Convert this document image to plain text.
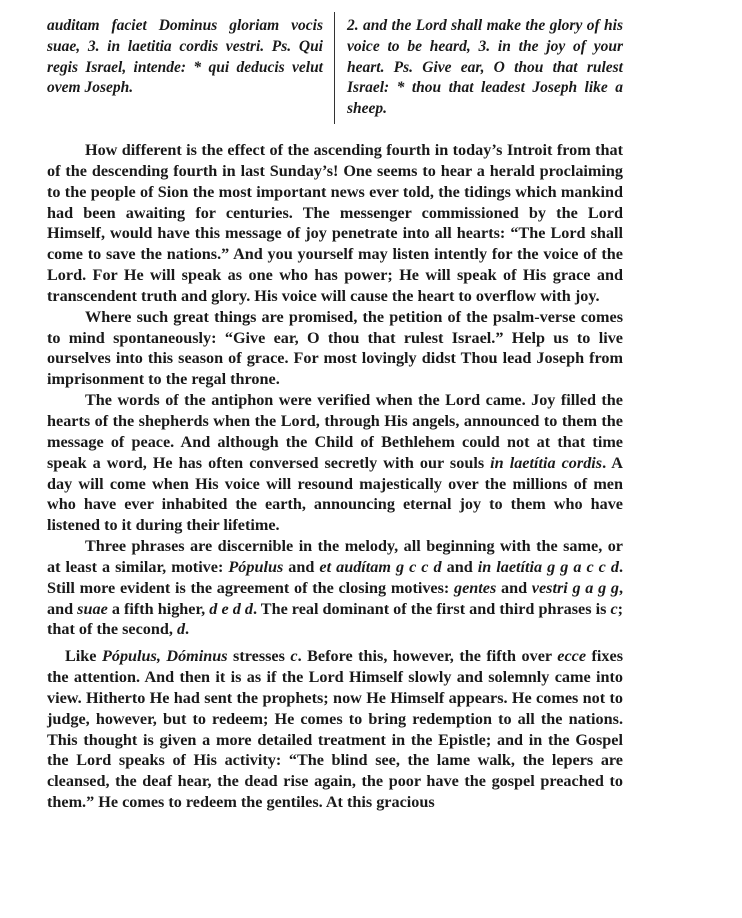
auditam faciet Dominus gloriam vocis suae, 3. in laetitia cordis vestri. Ps. Qui regis Israel, intende: * qui deducis velut ovem Joseph.
2. and the Lord shall make the glory of his voice to be heard, 3. in the joy of your heart. Ps. Give ear, O thou that rulest Israel: * thou that leadest Joseph like a sheep.

How different is the effect of the ascending fourth in today’s Introit from that of the descending fourth in last Sunday’s! One seems to hear a herald proclaiming to the people of Sion the most important news ever told, the tidings which mankind had been awaiting for centuries. The messenger commissioned by the Lord Himself, would have this message of joy penetrate into all hearts: “The Lord shall come to save the nations.” And you yourself may listen intently for the voice of the Lord. For He will speak as one who has power; He will speak of His grace and transcendent truth and glory. His voice will cause the heart to overflow with joy.

Where such great things are promised, the petition of the psalm-verse comes to mind spontaneously: “Give ear, O thou that rulest Israel.” Help us to live ourselves into this season of grace. For most lovingly didst Thou lead Joseph from imprisonment to the regal throne.

The words of the antiphon were verified when the Lord came. Joy filled the hearts of the shepherds when the Lord, through His angels, announced to them the message of peace. And although the Child of Bethlehem could not at that time speak a word, He has often conversed secretly with our souls in laetítia cordis. A day will come when His voice will resound majestically over the millions of men who have ever inhabited the earth, announcing eternal joy to them who have listened to it during their lifetime.

Three phrases are discernible in the melody, all beginning with the same, or at least a similar, motive: Pópulus and et audítam g c c d and in laetítia g g a c c d. Still more evident is the agreement of the closing motives: gentes and vestri g a g g, and suae a fifth higher, d e d d. The real dominant of the first and third phrases is c; that of the second, d.

Like Pópulus, Dóminus stresses c. Before this, however, the fifth over ecce fixes the attention. And then it is as if the Lord Himself slowly and solemnly came into view. Hitherto He had sent the prophets; now He Himself appears. He comes not to judge, however, but to redeem; He comes to bring redemption to all the nations. This thought is given a more detailed treatment in the Epistle; and in the Gospel the Lord speaks of His activity: “The blind see, the lame walk, the lepers are cleansed, the deaf hear, the dead rise again, the poor have the gospel preached to them.” He comes to redeem the gentiles. At this gracious
